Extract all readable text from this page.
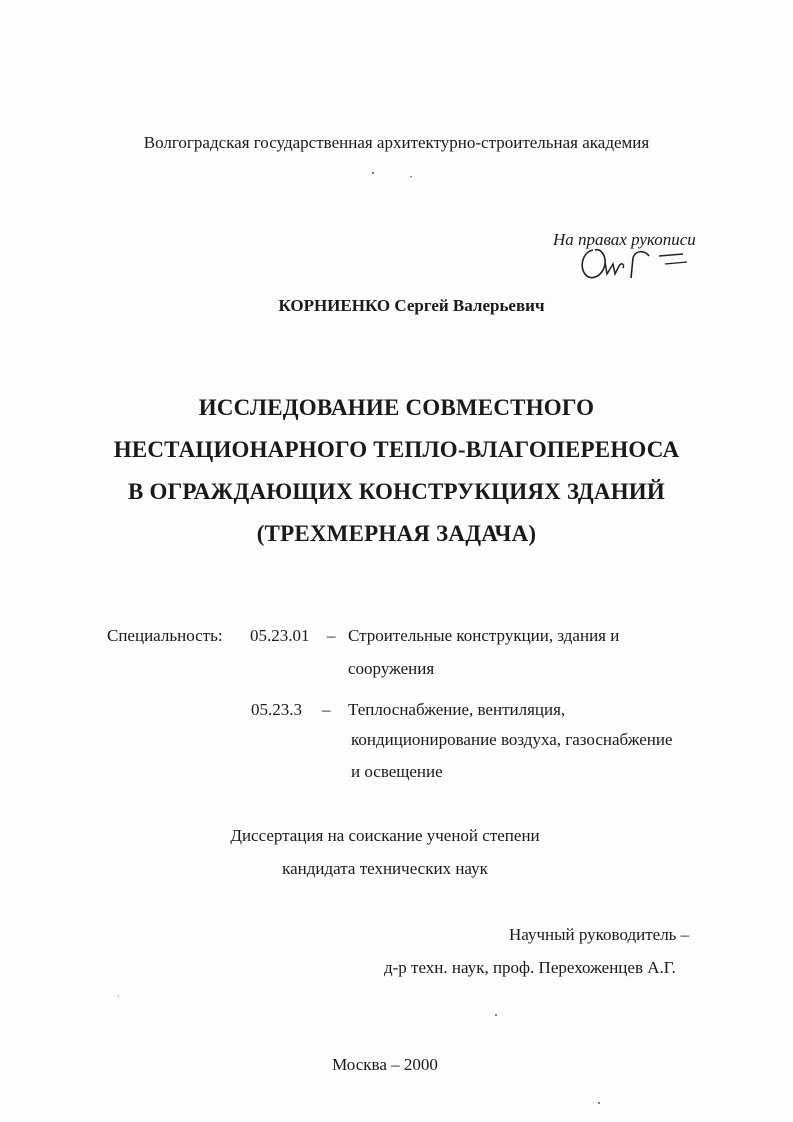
Волгоградская государственная архитектурно-строительная академия
На правах рукописи
КОРНИЕНКО Сергей Валерьевич
ИССЛЕДОВАНИЕ СОВМЕСТНОГО
НЕСТАЦИОНАРНОГО ТЕПЛО-ВЛАГОПЕРЕНОСА
В ОГРАЖДАЮЩИХ КОНСТРУКЦИЯХ ЗДАНИЙ
(ТРЕХМЕРНАЯ ЗАДАЧА)
Специальность: 05.23.01 – Строительные конструкции, здания и
сооружения
05.23.3 – Теплоснабжение, вентиляция,
кондиционирование воздуха, газоснабжение
и освещение
Диссертация на соискание ученой степени
кандидата технических наук
Научный руководитель –
д-р техн. наук, проф. Перехоженцев А.Г.
Москва – 2000
